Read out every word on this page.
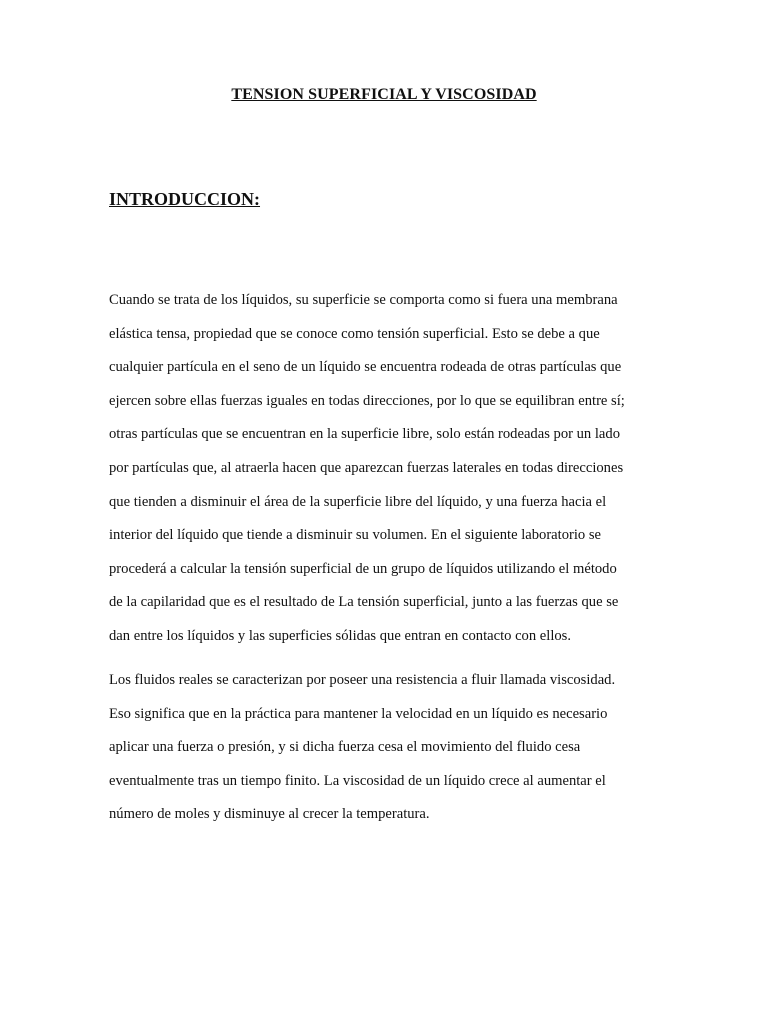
TENSION SUPERFICIAL Y VISCOSIDAD
INTRODUCCION:
Cuando se trata de los líquidos, su superficie se comporta como si fuera una membrana
elástica tensa, propiedad que se conoce como tensión superficial. Esto se debe a que
cualquier partícula en el seno de un líquido se encuentra rodeada de otras partículas que
ejercen sobre ellas fuerzas iguales en todas direcciones, por lo que se equilibran entre sí;
otras partículas que se encuentran en la superficie libre, solo están rodeadas por un lado
por partículas que, al atraerla hacen que aparezcan fuerzas laterales en todas direcciones
que tienden a disminuir el área de la superficie libre del líquido, y una fuerza hacia el
interior del líquido que tiende a disminuir su volumen. En el siguiente laboratorio se
procederá a calcular la tensión superficial de un grupo de líquidos utilizando el método
de la capilaridad que es el resultado de La tensión superficial, junto a las fuerzas que se
dan entre los líquidos y las superficies sólidas que entran en contacto con ellos.
Los fluidos reales se caracterizan por poseer una resistencia a fluir llamada viscosidad.
Eso significa que en la práctica para mantener la velocidad en un líquido es necesario
aplicar una fuerza o presión, y si dicha fuerza cesa el movimiento del fluido cesa
eventualmente tras un tiempo finito. La viscosidad de un líquido crece al aumentar el
número de moles y disminuye al crecer la temperatura.
